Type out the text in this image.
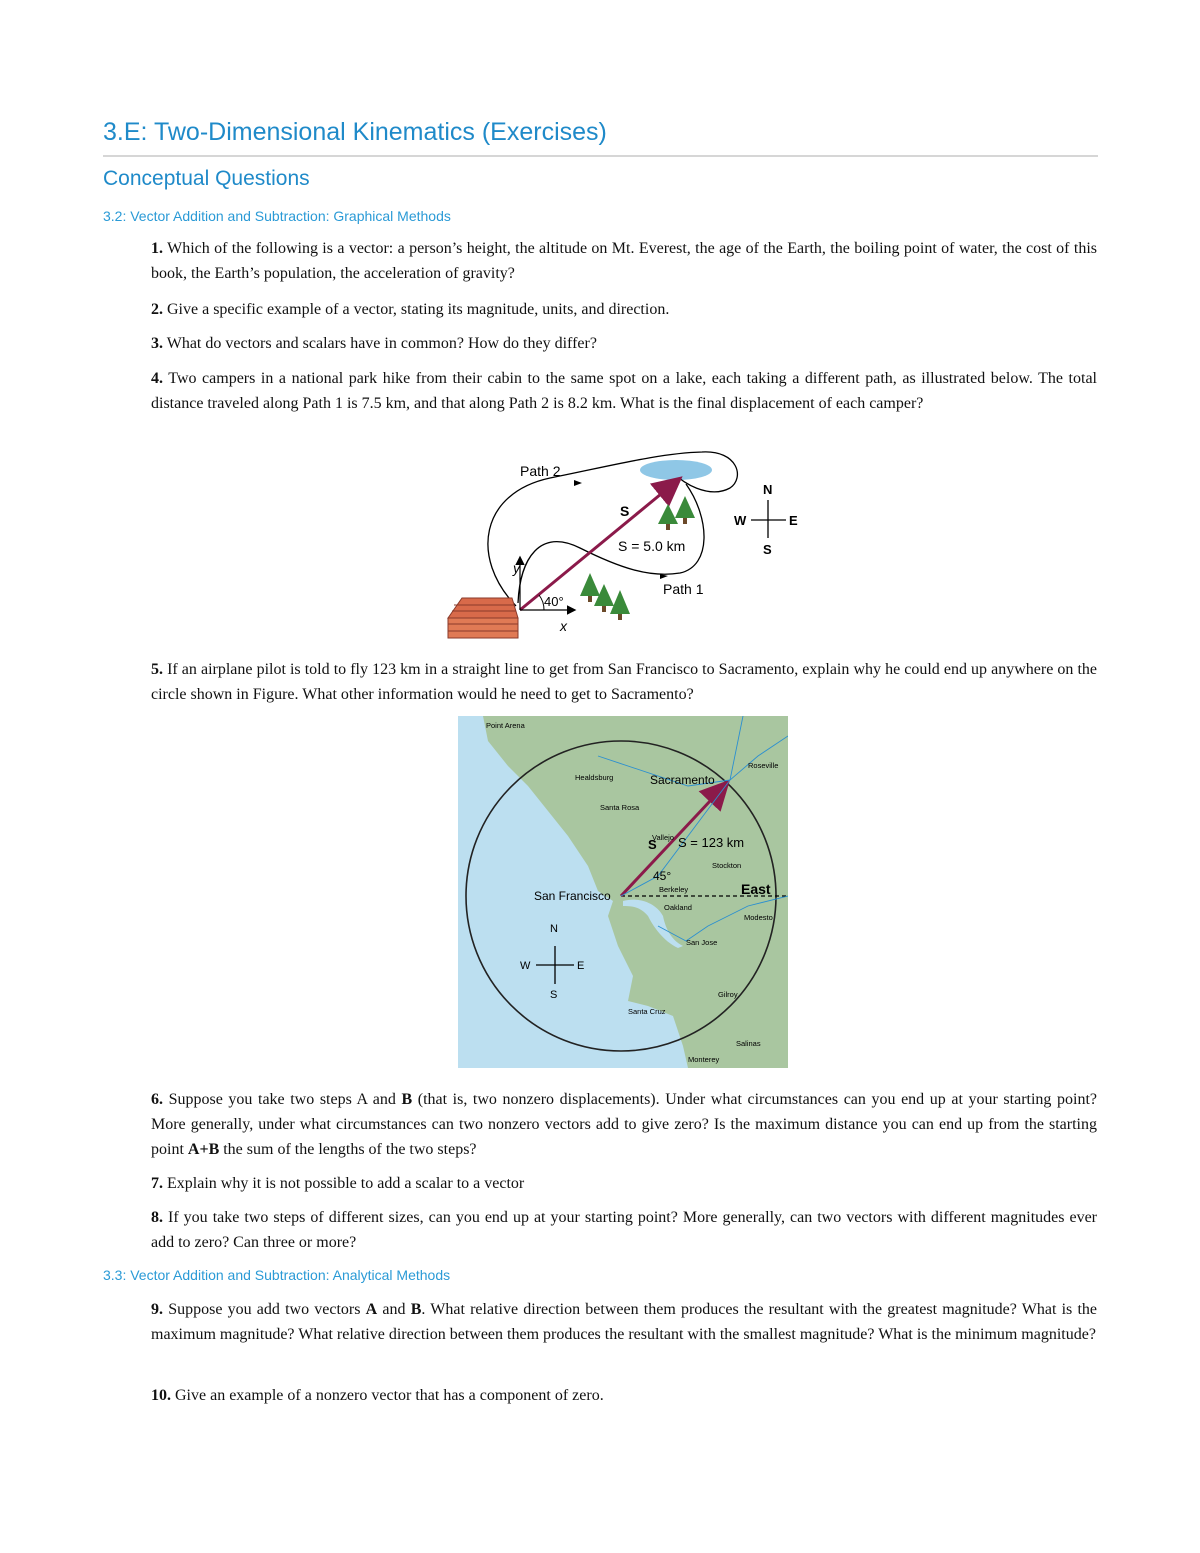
3.E: Two-Dimensional Kinematics (Exercises)
Conceptual Questions
3.2: Vector Addition and Subtraction: Graphical Methods

1. Which of the following is a vector: a person’s height, the altitude on Mt. Everest, the age of the Earth, the boiling point of water, the cost of this book, the Earth’s population, the acceleration of gravity?

2. Give a specific example of a vector, stating its magnitude, units, and direction.

3. What do vectors and scalars have in common? How do they differ?

4. Two campers in a national park hike from their cabin to the same spot on a lake, each taking a different path, as illustrated below. The total distance traveled along Path 1 is 7.5 km, and that along Path 2 is 8.2 km. What is the final displacement of each camper?

Path 2
Path 1
S
S = 5.0 km
40°
y
x
N
S
E
W

5. If an airplane pilot is told to fly 123 km in a straight line to get from San Francisco to Sacramento, explain why he could end up anywhere on the circle shown in Figure. What other information would he need to get to Sacramento?

S S = 123 km
45°
East
San Francisco
Sacramento
Point Arena
Healdsburg
Santa Rosa
Vallejo
Berkeley
Oakland
San Jose
Stockton
Modesto
Roseville
Gilroy
Santa Cruz
Salinas
Monterey
N
S
E
W

6. Suppose you take two steps A and B (that is, two nonzero displacements). Under what circumstances can you end up at your starting point? More generally, under what circumstances can two nonzero vectors add to give zero? Is the maximum distance you can end up from the starting point A+B the sum of the lengths of the two steps?

7. Explain why it is not possible to add a scalar to a vector

8. If you take two steps of different sizes, can you end up at your starting point? More generally, can two vectors with different magnitudes ever add to zero? Can three or more?

3.3: Vector Addition and Subtraction: Analytical Methods

9. Suppose you add two vectors A and B. What relative direction between them produces the resultant with the greatest magnitude? What is the maximum magnitude? What relative direction between them produces the resultant with the smallest magnitude? What is the minimum magnitude?

10. Give an example of a nonzero vector that has a component of zero.
